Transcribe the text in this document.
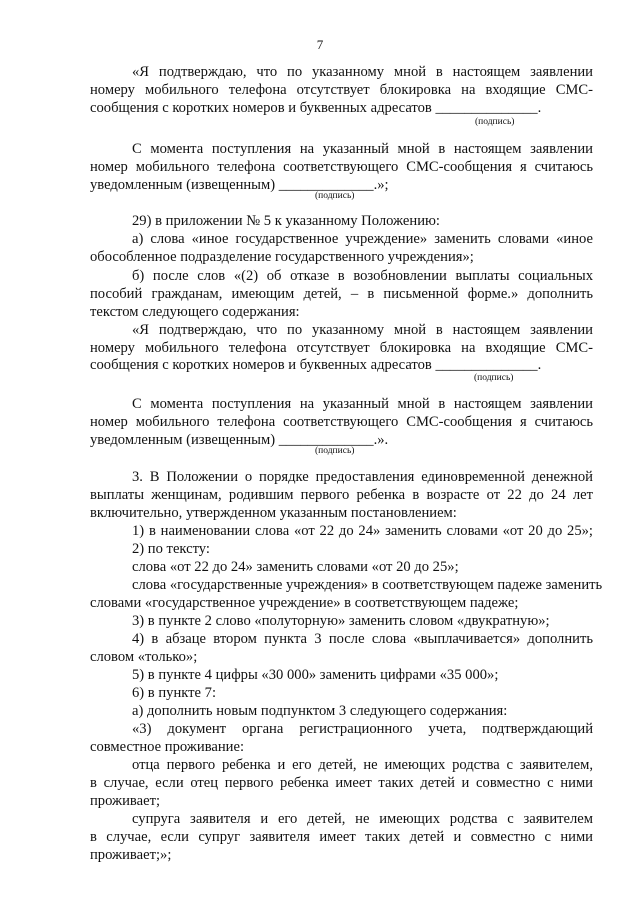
7
«Я подтверждаю, что по указанному мной в настоящем заявлении
номеру мобильного телефона отсутствует блокировка на входящие СМС-
сообщения с коротких номеров и буквенных адресатов ______________.
(подпись)
С момента поступления на указанный мной в настоящем заявлении
номер мобильного телефона соответствующего СМС-сообщения я считаюсь
уведомленным (извещенным) _____________.»;
(подпись)
29) в приложении № 5 к указанному Положению:
а) слова «иное государственное учреждение» заменить словами «иное
обособленное подразделение государственного учреждения»;
б) после слов «(2) об отказе в возобновлении выплаты социальных
пособий гражданам, имеющим детей, – в письменной форме.» дополнить
текстом следующего содержания:
«Я подтверждаю, что по указанному мной в настоящем заявлении
номеру мобильного телефона отсутствует блокировка на входящие СМС-
сообщения с коротких номеров и буквенных адресатов ______________.
(подпись)
С момента поступления на указанный мной в настоящем заявлении
номер мобильного телефона соответствующего СМС-сообщения я считаюсь
уведомленным (извещенным) _____________.».
(подпись)
3. В Положении о порядке предоставления единовременной денежной
выплаты женщинам, родившим первого ребенка в возрасте от 22 до 24 лет
включительно, утвержденном указанным постановлением:
1) в наименовании слова «от 22 до 24» заменить словами «от 20 до 25»;
2) по тексту:
слова «от 22 до 24» заменить словами «от 20 до 25»;
слова «государственные учреждения» в соответствующем падеже заменить
словами «государственное учреждение» в соответствующем падеже;
3) в пункте 2 слово «полуторную» заменить словом «двукратную»;
4) в абзаце втором пункта 3 после слова «выплачивается» дополнить
словом «только»;
5) в пункте 4 цифры «30 000» заменить цифрами «35 000»;
6) в пункте 7:
а) дополнить новым подпунктом 3 следующего содержания:
«3) документ органа регистрационного учета, подтверждающий
совместное проживание:
отца первого ребенка и его детей, не имеющих родства с заявителем,
в случае, если отец первого ребенка имеет таких детей и совместно с ними
проживает;
супруга заявителя и его детей, не имеющих родства с заявителем
в случае, если супруг заявителя имеет таких детей и совместно с ними
проживает;»;
